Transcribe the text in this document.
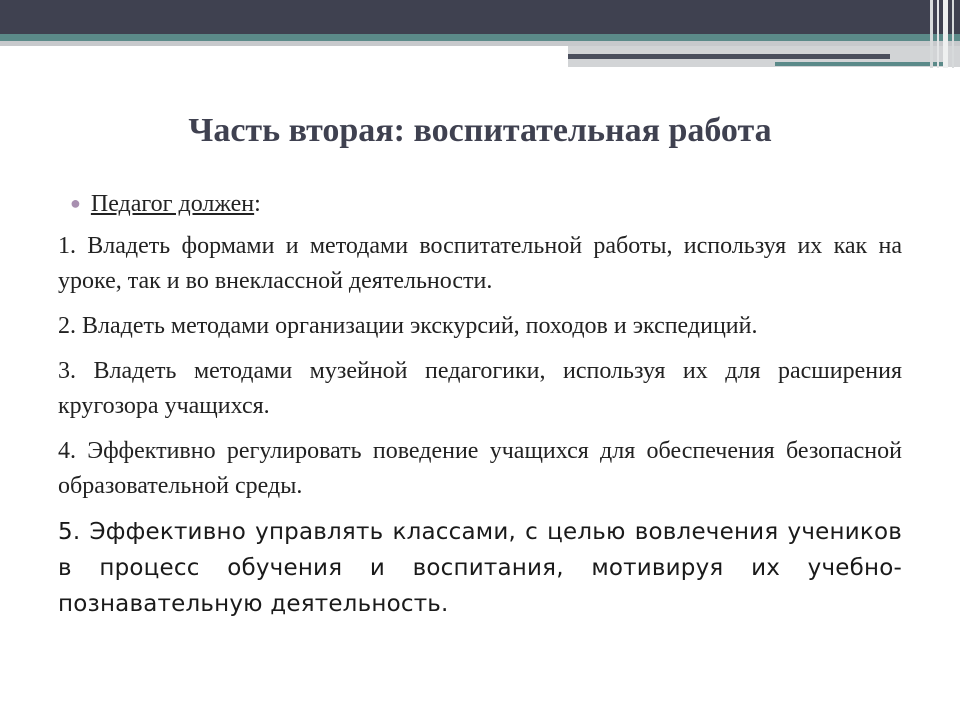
Часть вторая: воспитательная работа
● Педагог должен:

1. Владеть формами и методами воспитательной работы, используя их как на уроке, так и во внеклассной деятельности.

2. Владеть методами организации экскурсий, походов и экспедиций.

3. Владеть методами музейной педагогики, используя их для расширения кругозора учащихся.

4. Эффективно регулировать поведение учащихся для обеспечения безопасной образовательной среды.

5. Эффективно управлять классами, с целью вовлечения учеников в процесс обучения и воспитания, мотивируя их учебно-познавательную деятельность.
